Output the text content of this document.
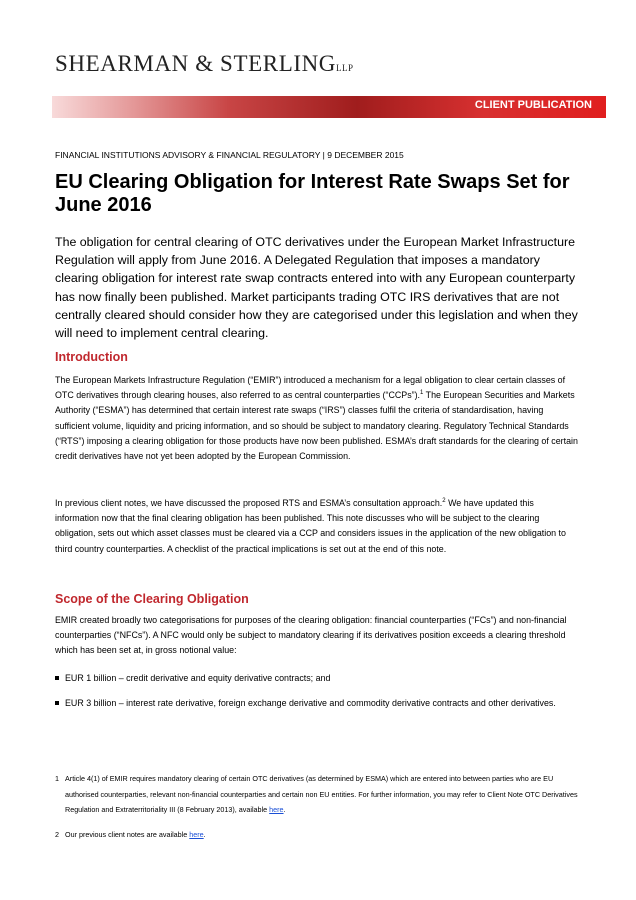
SHEARMAN & STERLINGLLP
CLIENT PUBLICATION
FINANCIAL INSTITUTIONS ADVISORY & FINANCIAL REGULATORY | 9 DECEMBER 2015
EU Clearing Obligation for Interest Rate Swaps Set for June 2016

The obligation for central clearing of OTC derivatives under the European Market Infrastructure Regulation will apply from June 2016. A Delegated Regulation that imposes a mandatory clearing obligation for interest rate swap contracts entered into with any European counterparty has now finally been published. Market participants trading OTC IRS derivatives that are not centrally cleared should consider how they are categorised under this legislation and when they will need to implement central clearing.

Introduction

The European Markets Infrastructure Regulation (“EMIR”) introduced a mechanism for a legal obligation to clear certain classes of OTC derivatives through clearing houses, also referred to as central counterparties (“CCPs”).$^1$ The European Securities and Markets Authority (“ESMA”) has determined that certain interest rate swaps (“IRS”) classes fulfil the criteria of standardisation, having sufficient volume, liquidity and pricing information, and so should be subject to mandatory clearing. Regulatory Technical Standards (“RTS”) imposing a clearing obligation for those products have now been published. ESMA’s draft standards for the clearing of certain credit derivatives have not yet been adopted by the European Commission.

In previous client notes, we have discussed the proposed RTS and ESMA’s consultation approach.$^2$ We have updated this information now that the final clearing obligation has been published. This note discusses who will be subject to the clearing obligation, sets out which asset classes must be cleared via a CCP and considers issues in the application of the new obligation to third country counterparties. A checklist of the practical implications is set out at the end of this note.

Scope of the Clearing Obligation

EMIR created broadly two categorisations for purposes of the clearing obligation: financial counterparties (“FCs”) and non-financial counterparties (“NFCs”). A NFC would only be subject to mandatory clearing if its derivatives position exceeds a clearing threshold which has been set at, in gross notional value:

EUR 1 billion – credit derivative and equity derivative contracts; and
EUR 3 billion – interest rate derivative, foreign exchange derivative and commodity derivative contracts and other derivatives.
1 Article 4(1) of EMIR requires mandatory clearing of certain OTC derivatives (as determined by ESMA) which are entered into between parties who are EU authorised counterparties, relevant non-financial counterparties and certain non EU entities. For further information, you may refer to Client Note OTC Derivatives Regulation and Extraterritoriality III (8 February 2013), available here.
2 Our previous client notes are available here.
